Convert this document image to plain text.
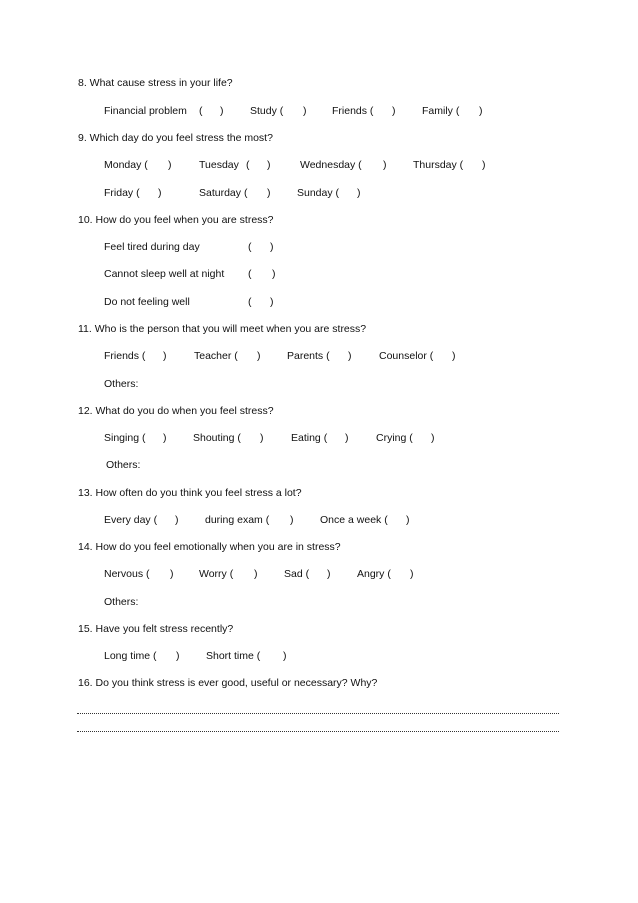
8. What cause stress in your life?
Financial problem ( )	Study ( ) Friends ( )	Family ( )
9. Which day do you feel stress the most?
Monday ( )	Tuesday ( )	Wednesday ( )	Thursday ( )
Friday ( )	Saturday ( )	Sunday ( )
10. How do you feel when you are stress?
Feel tired during day	( )
Cannot sleep well at night ( )
Do not feeling well	( )
11. Who is the person that you will meet when you are stress?
Friends ( )	Teacher ( )	Parents ( )	Counselor ( )
Others:
12. What do you do when you feel stress?
Singing ( )	Shouting ( )	Eating ( )	Crying ( )
Others:
13. How often do you think you feel stress a lot?
Every day ( )	during exam ( )	Once a week ( )
14. How do you feel emotionally when you are in stress?
Nervous ( ) Worry ( )	Sad ( )	Angry ( )
Others:
15. Have you felt stress recently?
Long time ( )	Short time ( )
16. Do you think stress is ever good, useful or necessary? Why?
